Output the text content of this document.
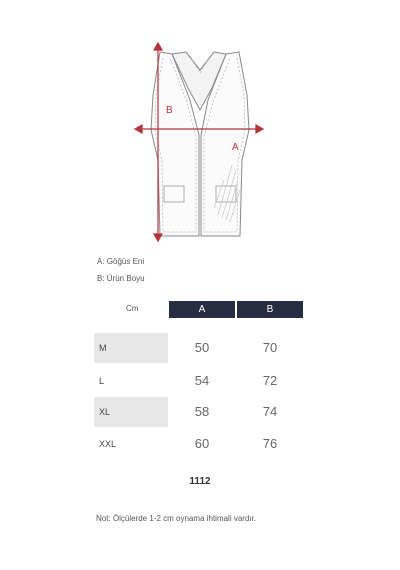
B
A
A: Göğüs Eni
B: Ürün Boyu
Cm	A	B
M	50	70
L	54	72
XL	58	74
XXL	60	76
1112
Not: Ölçülerde 1-2 cm oynama ihtimali vardır.
